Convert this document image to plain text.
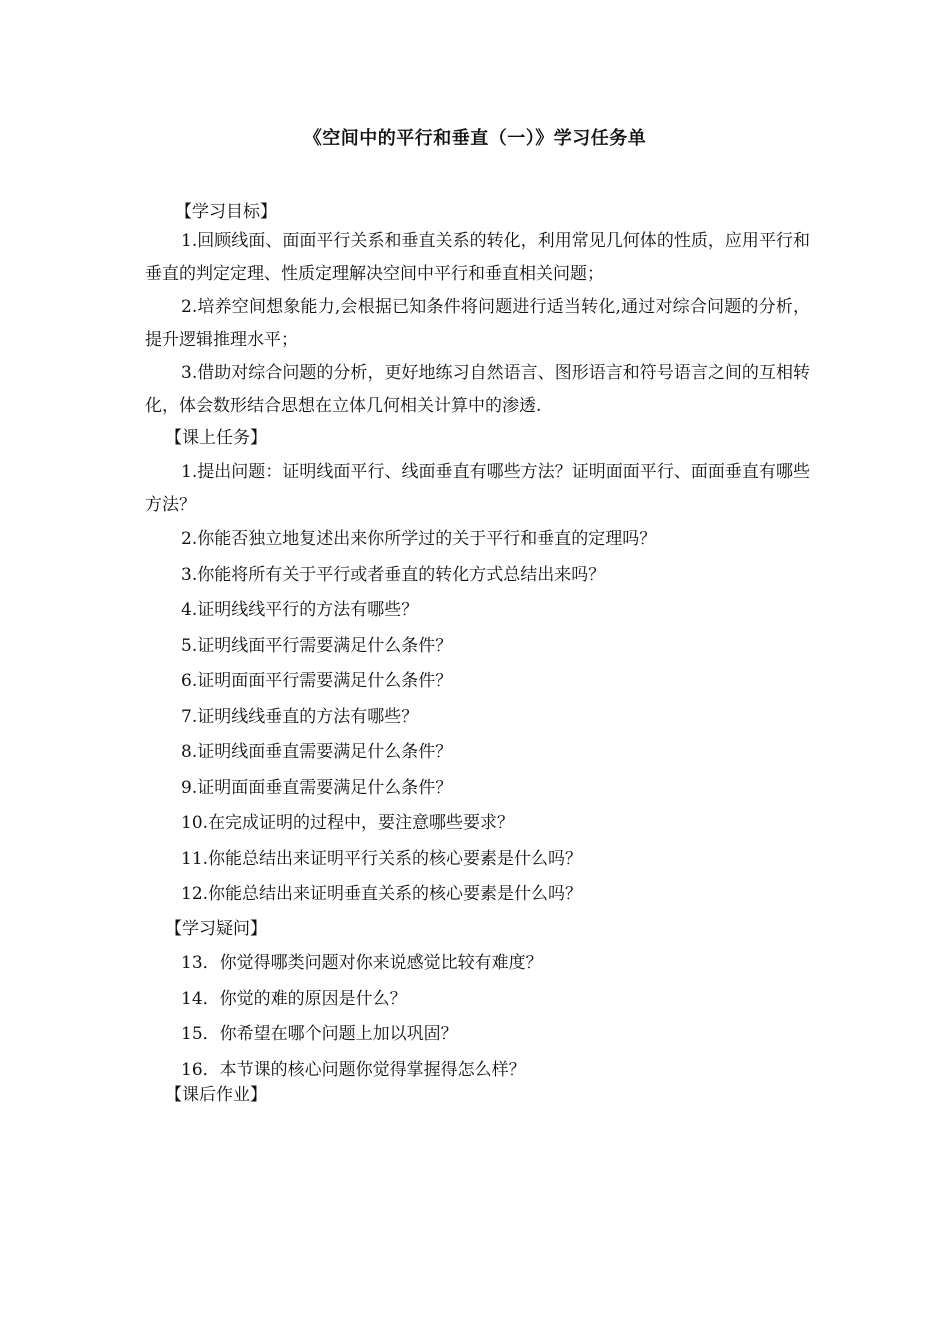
《空间中的平行和垂直（一）》学习任务单
【学习目标】

1.回顾线面、面面平行关系和垂直关系的转化，利用常见几何体的性质，应用平行和垂直的判定定理、性质定理解决空间中平行和垂直相关问题；

2.培养空间想象能力,会根据已知条件将问题进行适当转化,通过对综合问题的分析，提升逻辑推理水平；

3.借助对综合问题的分析，更好地练习自然语言、图形语言和符号语言之间的互相转化，体会数形结合思想在立体几何相关计算中的渗透.

【课上任务】

1.提出问题：证明线面平行、线面垂直有哪些方法？证明面面平行、面面垂直有哪些方法？

2.你能否独立地复述出来你所学过的关于平行和垂直的定理吗？

3.你能将所有关于平行或者垂直的转化方式总结出来吗？

4.证明线线平行的方法有哪些？

5.证明线面平行需要满足什么条件？

6.证明面面平行需要满足什么条件？

7.证明线线垂直的方法有哪些？

8.证明线面垂直需要满足什么条件？

9.证明面面垂直需要满足什么条件？

10.在完成证明的过程中，要注意哪些要求？

11.你能总结出来证明平行关系的核心要素是什么吗？

12.你能总结出来证明垂直关系的核心要素是什么吗？

【学习疑问】

13．你觉得哪类问题对你来说感觉比较有难度？

14．你觉的难的原因是什么？

15．你希望在哪个问题上加以巩固？

16．本节课的核心问题你觉得掌握得怎么样？

【课后作业】
